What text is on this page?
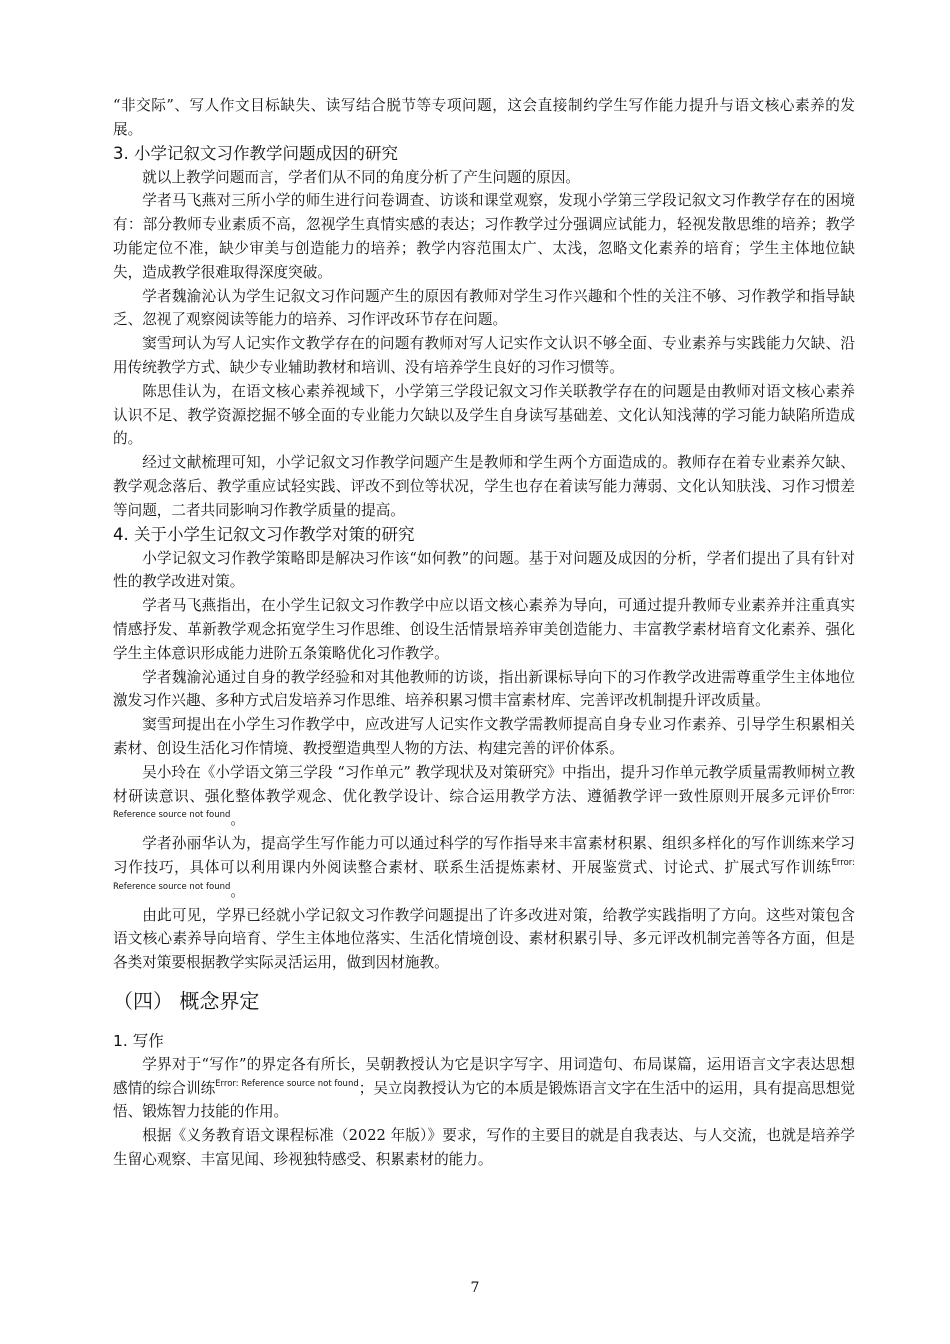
“非交际”、写人作文目标缺失、读写结合脱节等专项问题，这会直接制约学生写作能力提升与语文核心素养的发展。

3. 小学记叙文习作教学问题成因的研究

就以上教学问题而言，学者们从不同的角度分析了产生问题的原因。

学者马飞燕对三所小学的师生进行问卷调查、访谈和课堂观察，发现小学第三学段记叙文习作教学存在的困境有：部分教师专业素质不高，忽视学生真情实感的表达；习作教学过分强调应试能力，轻视发散思维的培养；教学功能定位不准，缺少审美与创造能力的培养；教学内容范围太广、太浅，忽略文化素养的培育；学生主体地位缺失，造成教学很难取得深度突破。

学者魏渝沁认为学生记叙文习作问题产生的原因有教师对学生习作兴趣和个性的关注不够、习作教学和指导缺乏、忽视了观察阅读等能力的培养、习作评改环节存在问题。

窦雪珂认为写人记实作文教学存在的问题有教师对写人记实作文认识不够全面、专业素养与实践能力欠缺、沿用传统教学方式、缺少专业辅助教材和培训、没有培养学生良好的习作习惯等。

陈思佳认为，在语文核心素养视域下，小学第三学段记叙文习作关联教学存在的问题是由教师对语文核心素养认识不足、教学资源挖掘不够全面的专业能力欠缺以及学生自身读写基础差、文化认知浅薄的学习能力缺陷所造成的。

经过文献梳理可知，小学记叙文习作教学问题产生是教师和学生两个方面造成的。教师存在着专业素养欠缺、教学观念落后、教学重应试轻实践、评改不到位等状况，学生也存在着读写能力薄弱、文化认知肤浅、习作习惯差等问题，二者共同影响习作教学质量的提高。

4. 关于小学生记叙文习作教学对策的研究

小学记叙文习作教学策略即是解决习作该“如何教”的问题。基于对问题及成因的分析，学者们提出了具有针对性的教学改进对策。

学者马飞燕指出，在小学生记叙文习作教学中应以语文核心素养为导向，可通过提升教师专业素养并注重真实情感抒发、革新教学观念拓宽学生习作思维、创设生活情景培养审美创造能力、丰富教学素材培育文化素养、强化学生主体意识形成能力进阶五条策略优化习作教学。

学者魏渝沁通过自身的教学经验和对其他教师的访谈，指出新课标导向下的习作教学改进需尊重学生主体地位激发习作兴趣、多种方式启发培养习作思维、培养积累习惯丰富素材库、完善评改机制提升评改质量。

窦雪珂提出在小学生习作教学中，应改进写人记实作文教学需教师提高自身专业习作素养、引导学生积累相关素材、创设生活化习作情境、教授塑造典型人物的方法、构建完善的评价体系。

吴小玲在《小学语文第三学段 “习作单元” 教学现状及对策研究》中指出，提升习作单元教学质量需教师树立教材研读意识、强化整体教学观念、优化教学设计、综合运用教学方法、遵循教学评一致性原则开展多元评价$^{Error: Reference source not found}$。

学者孙丽华认为，提高学生写作能力可以通过科学的写作指导来丰富素材积累、组织多样化的写作训练来学习习作技巧，具体可以利用课内外阅读整合素材、联系生活提炼素材、开展鉴赏式、讨论式、扩展式写作训练$^{Error: Reference source not found}$。

由此可见，学界已经就小学记叙文习作教学问题提出了许多改进对策，给教学实践指明了方向。这些对策包含语文核心素养导向培育、学生主体地位落实、生活化情境创设、素材积累引导、多元评改机制完善等各方面，但是各类对策要根据教学实际灵活运用，做到因材施教。

（四） 概念界定
1. 写作

学界对于“写作”的界定各有所长，吴朝教授认为它是识字写字、用词造句、布局谋篇，运用语言文字表达思想感情的综合训练$^{Error: Reference source not found}$；吴立岗教授认为它的本质是锻炼语言文字在生活中的运用，具有提高思想觉悟、锻炼智力技能的作用。

根据《义务教育语文课程标准（2022 年版）》要求，写作的主要目的就是自我表达、与人交流，也就是培养学生留心观察、丰富见闻、珍视独特感受、积累素材的能力。

7
